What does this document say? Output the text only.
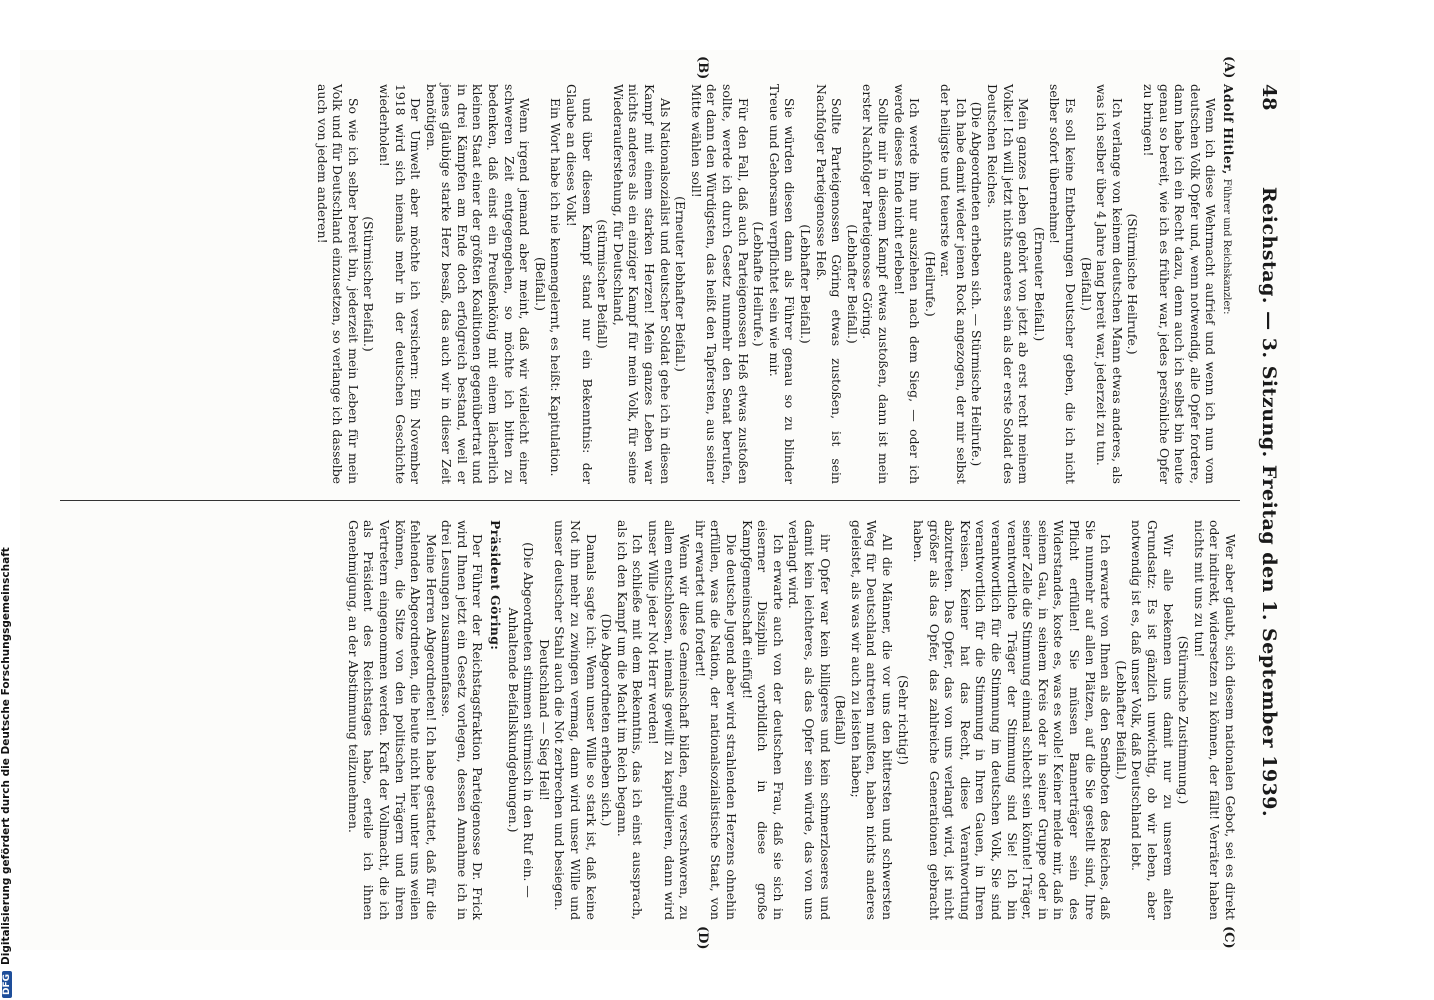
48
Reichstag. — 3. Sitzung. Freitag den 1. September 1939.
(A)
(B)
(C)
(D)

Adolf Hitler,Führer und Reichskanzler:

Wenn ich diese Wehrmacht aufrief und wenn ich nun vom deutschen Volk Opfer und, wenn notwendig, alle Opfer fordere, dann habe ich ein Recht dazu, denn auch ich selbst bin heute genau so bereit, wie ich es früher war, jedes persönliche Opfer zu bringen!

(Stürmische Heilrufe.)

Ich verlange von keinem deutschen Mann etwas anderes, als was ich selber über 4 Jahre lang bereit war, jederzeit zu tun.

(Beifall.)

Es soll keine Entbehrungen Deutscher geben, die ich nicht selber sofort übernehme!

(Erneuter Beifall.)

Mein ganzes Leben gehört von jetzt ab erst recht meinem Volke! Ich will jetzt nichts anderes sein als der erste Soldat des Deutschen Reiches.

(Die Abgeordneten erheben sich. — Stürmische Heilrufe.)

Ich habe damit wieder jenen Rock angezogen, der mir selbst der heiligste und teuerste war.

(Heilrufe.)

Ich werde ihn nur ausziehen nach dem Sieg, — oder ich werde dieses Ende nicht erleben!

Sollte mir in diesem Kampf etwas zustoßen, dann ist mein erster Nachfolger Parteigenosse Göring.

(Lebhafter Beifall.)

Sollte Parteigenossen Göring etwas zustoßen, ist sein Nachfolger Parteigenosse Heß.

(Lebhafter Beifall.)

Sie würden diesen dann als Führer genau so zu blinder Treue und Gehorsam verpflichtet sein wie mir.

(Lebhafte Heilrufe.)

Für den Fall, daß auch Parteigenossen Heß etwas zustoßen sollte, werde ich durch Gesetz nunmehr den Senat berufen, der dann den Würdigsten, das heißt den Tapfersten, aus seiner Mitte wählen soll!

(Erneuter lebhafter Beifall.)

Als Nationalsozialist und deutscher Soldat gehe ich in diesen Kampf mit einem starken Herzen! Mein ganzes Leben war nichts anderes als ein einziger Kampf für mein Volk, für seine Wiederauferstehung, für Deutschland,

(stürmischer Beifall)

und über diesem Kampf stand nur ein Bekenntnis: der Glaube an dieses Volk!

Ein Wort habe ich nie kennengelernt, es heißt: Kapitulation.

(Beifall.)

Wenn irgend jemand aber meint, daß wir vielleicht einer schweren Zeit entgegengehen, so möchte ich bitten zu bedenken, daß einst ein Preußenkönig mit einem lächerlich kleinen Staat einer der größten Koalitionen gegenübertrat und in drei Kämpfen am Ende doch erfolgreich bestand, weil er jenes gläubige starke Herz besaß, das auch wir in dieser Zeit benötigen.

Der Umwelt aber möchte ich versichern: Ein November 1918 wird sich niemals mehr in der deutschen Geschichte wiederholen!

(Stürmischer Beifall.)

So wie ich selber bereit bin, jederzeit mein Leben für mein Volk und für Deutschland einzusetzen, so verlange ich dasselbe auch von jedem anderen!

Wer aber glaubt, sich diesem nationalen Gebot, sei es direkt oder indirekt, widersetzen zu können, der fällt! Verräter haben nichts mit uns zu tun!

(Stürmische Zustimmung.)

Wir alle bekennen uns damit nur zu unserem alten Grundsatz: Es ist gänzlich unwichtig, ob wir leben, aber notwendig ist es, daß unser Volk, daß Deutschland lebt.

(Lebhafter Beifall.)

Ich erwarte von Ihnen als den Sendboten des Reiches, daß Sie nunmehr auf allen Plätzen, auf die Sie gestellt sind, Ihre Pflicht erfüllen! Sie müssen Bannerträger sein des Widerstandes, koste es, was es wolle! Keiner melde mir, daß in seinem Gau, in seinem Kreis oder in seiner Gruppe oder in seiner Zelle die Stimmung einmal schlecht sein könnte! Träger, verantwortliche Träger der Stimmung sind Sie! Ich bin verantwortlich für die Stimmung im deutschen Volk, Sie sind verantwortlich für die Stimmung in Ihren Gauen, in Ihren Kreisen. Keiner hat das Recht, diese Verantwortung abzutreten. Das Opfer, das von uns verlangt wird, ist nicht größer als das Opfer, das zahlreiche Generationen gebracht haben.

(Sehr richtig!)

All die Männer, die vor uns den bittersten und schwersten Weg für Deutschland antreten mußten, haben nichts anderes geleistet, als was wir auch zu leisten haben;

(Beifall)

ihr Opfer war kein billigeres und kein schmerzloseres und damit kein leichteres, als das Opfer sein würde, das von uns verlangt wird.

Ich erwarte auch von der deutschen Frau, daß sie sich in eiserner Disziplin vorbildlich in diese große Kampfgemeinschaft einfügt!

Die deutsche Jugend aber wird strahlenden Herzens ohnehin erfüllen, was die Nation, der nationalsozialistische Staat, von ihr erwartet und fordert!

Wenn wir diese Gemeinschaft bilden, eng verschworen, zu allem entschlossen, niemals gewillt zu kapitulieren, dann wird unser Wille jeder Not Herr werden!

Ich schließe mit dem Bekenntnis, das ich einst aussprach, als ich den Kampf um die Macht im Reich begann.

(Die Abgeordneten erheben sich.)

Damals sagte ich: Wenn unser Wille so stark ist, daß keine Not ihn mehr zu zwingen vermag, dann wird unser Wille und unser deutscher Stahl auch die Not zerbrechen und besiegen.

Deutschland — Sieg Heil!

(Die Abgeordneten stimmen stürmisch in den Ruf ein. — Anhaltende Beifallskundgebungen.)

Präsident Göring:

Der Führer der Reichstagsfraktion Parteigenosse Dr. Frick wird Ihnen jetzt ein Gesetz vorlegen, dessen Annahme ich in drei Lesungen zusammenfasse.

Meine Herren Abgeordneten! Ich habe gestattet, daß für die fehlenden Abgeordneten, die heute nicht hier unter uns weilen können, die Sitze von den politischen Trägern und ihren Vertretern eingenommen werden. Kraft der Vollmacht, die ich als Präsident des Reichstages habe, erteile ich ihnen Genehmigung, an der Abstimmung teilzunehmen.

DFGDigitalisierung gefördert durch die Deutsche Forschungsgemeinschaft
